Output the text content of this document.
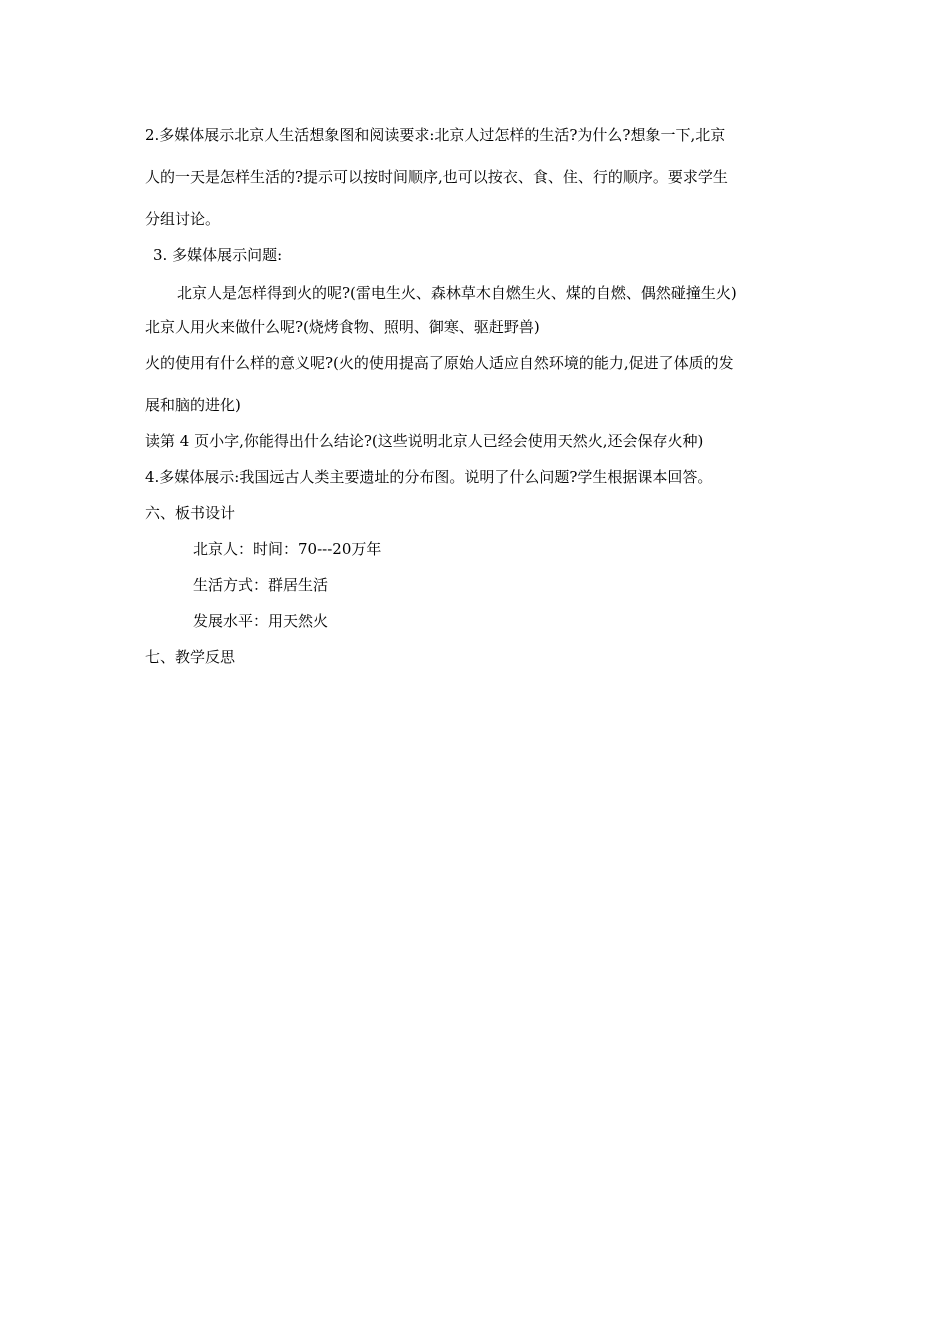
2.多媒体展示北京人生活想象图和阅读要求:北京人过怎样的生活?为什么?想象一下,北京
人的一天是怎样生活的?提示可以按时间顺序,也可以按衣、食、住、行的顺序。要求学生
分组讨论。
3. 多媒体展示问题:
北京人是怎样得到火的呢?(雷电生火、森林草木自燃生火、煤的自燃、偶然碰撞生火)
北京人用火来做什么呢?(烧烤食物、照明、御寒、驱赶野兽)
火的使用有什么样的意义呢?(火的使用提高了原始人适应自然环境的能力,促进了体质的发
展和脑的进化)
读第 4 页小字,你能得出什么结论?(这些说明北京人已经会使用天然火,还会保存火种)
4.多媒体展示:我国远古人类主要遗址的分布图。说明了什么问题?学生根据课本回答。
六、板书设计
北京人：时间：70---20万年
生活方式：群居生活
发展水平：用天然火
七、教学反思
